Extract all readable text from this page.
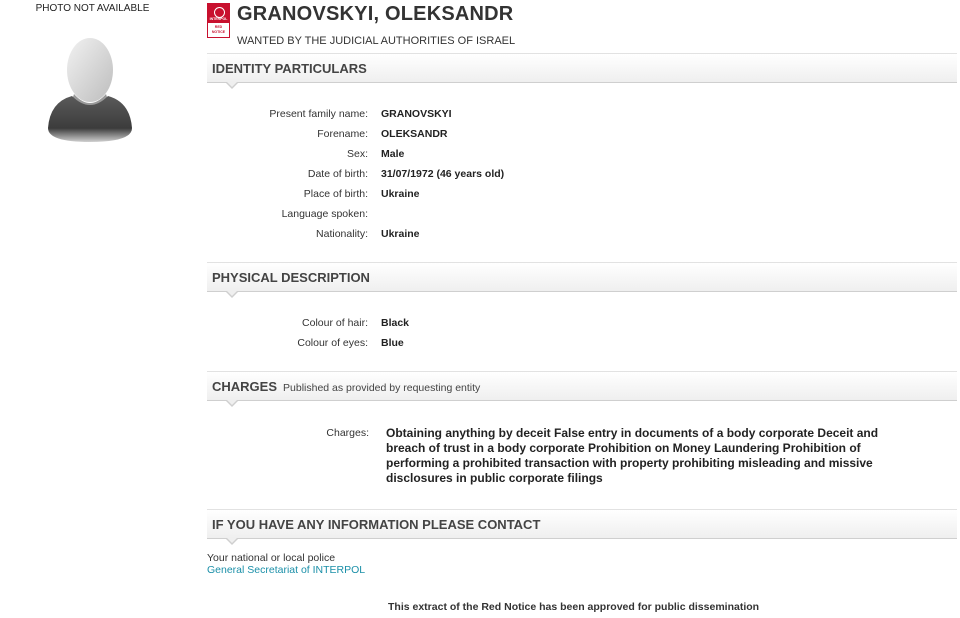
PHOTO NOT AVAILABLE
INTERPOL
RED
NOTICE
GRANOVSKYI, OLEKSANDR
WANTED BY THE JUDICIAL AUTHORITIES OF ISRAEL
IDENTITY PARTICULARS
Present family name: GRANOVSKYI
Forename: OLEKSANDR
Sex: Male
Date of birth: 31/07/1972 (46 years old)
Place of birth: Ukraine
Language spoken:
Nationality: Ukraine
PHYSICAL DESCRIPTION
Colour of hair: Black
Colour of eyes: Blue
CHARGES Published as provided by requesting entity
Charges: Obtaining anything by deceit False entry in documents of a body corporate Deceit and breach of trust in a body corporate Prohibition on Money Laundering Prohibition of performing a prohibited transaction with property prohibiting misleading and missive disclosures in public corporate filings
IF YOU HAVE ANY INFORMATION PLEASE CONTACT
Your national or local police
General Secretariat of INTERPOL
This extract of the Red Notice has been approved for public dissemination
